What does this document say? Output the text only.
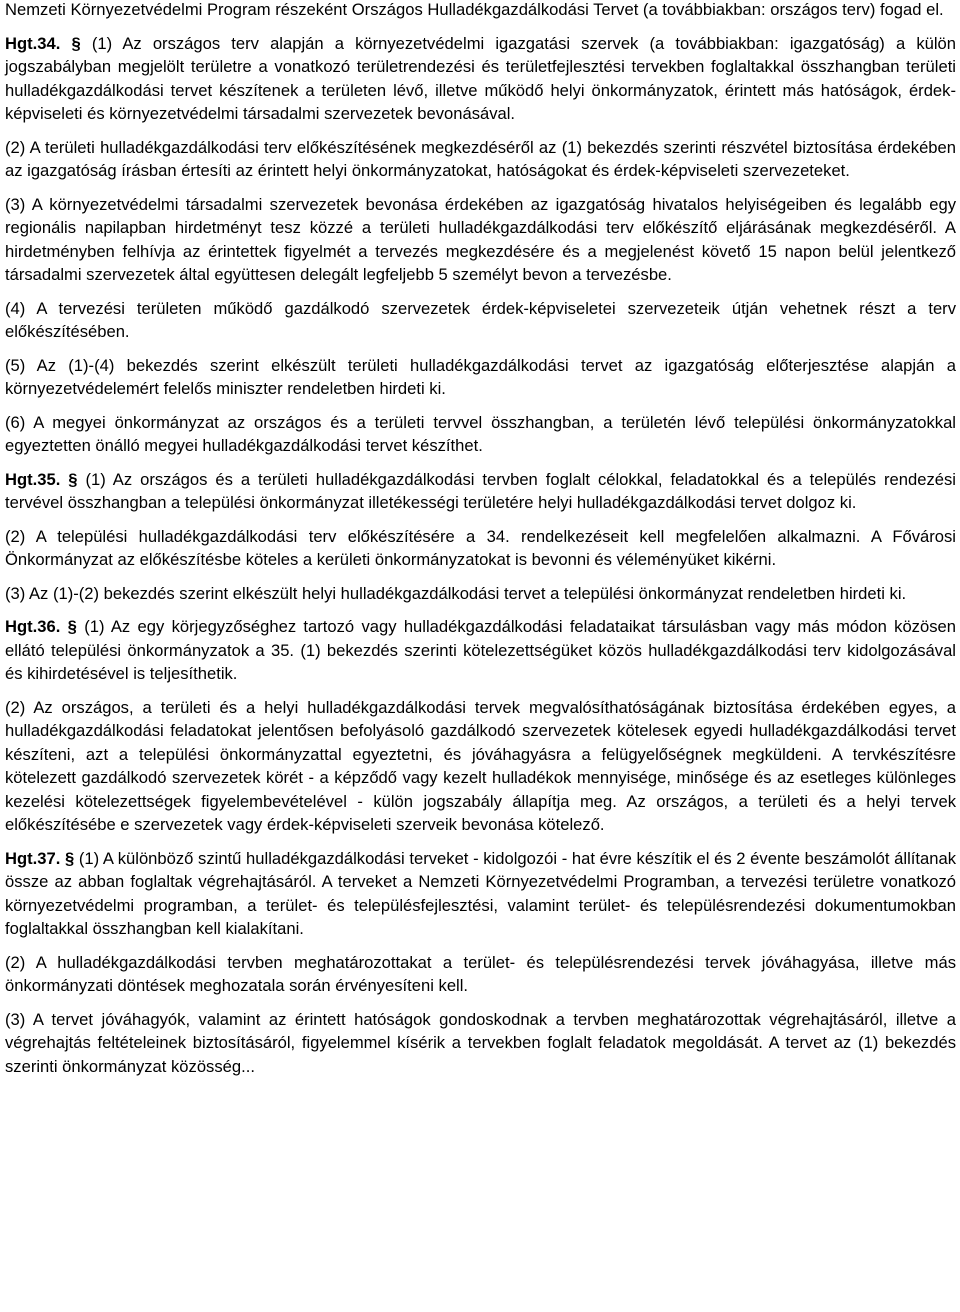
Nemzeti Környezetvédelmi Program részeként Országos Hulladékgazdálkodási Tervet (a továbbiakban: országos terv) fogad el.

Hgt.34. § (1) Az országos terv alapján a környezetvédelmi igazgatási szervek (a továbbiakban: igazgatóság) a külön jogszabályban megjelölt területre a vonatkozó területrendezési és területfejlesztési tervekben foglaltakkal összhangban területi hulladékgazdálkodási tervet készítenek a területen lévő, illetve működő helyi önkormányzatok, érintett más hatóságok, érdek-képviseleti és környezetvédelmi társadalmi szervezetek bevonásával.

(2) A területi hulladékgazdálkodási terv előkészítésének megkezdéséről az (1) bekezdés szerinti részvétel biztosítása érdekében az igazgatóság írásban értesíti az érintett helyi önkormányzatokat, hatóságokat és érdek-képviseleti szervezeteket.

(3) A környezetvédelmi társadalmi szervezetek bevonása érdekében az igazgatóság hivatalos helyiségeiben és legalább egy regionális napilapban hirdetményt tesz közzé a területi hulladékgazdálkodási terv előkészítő eljárásának megkezdéséről. A hirdetményben felhívja az érintettek figyelmét a tervezés megkezdésére és a megjelenést követő 15 napon belül jelentkező társadalmi szervezetek által együttesen delegált legfeljebb 5 személyt bevon a tervezésbe.

(4) A tervezési területen működő gazdálkodó szervezetek érdek-képviseletei szervezeteik útján vehetnek részt a terv előkészítésében.

(5) Az (1)-(4) bekezdés szerint elkészült területi hulladékgazdálkodási tervet az igazgatóság előterjesztése alapján a környezetvédelemért felelős miniszter rendeletben hirdeti ki.

(6) A megyei önkormányzat az országos és a területi tervvel összhangban, a területén lévő települési önkormányzatokkal egyeztetten önálló megyei hulladékgazdálkodási tervet készíthet.

Hgt.35. § (1) Az országos és a területi hulladékgazdálkodási tervben foglalt célokkal, feladatokkal és a település rendezési tervével összhangban a települési önkormányzat illetékességi területére helyi hulladékgazdálkodási tervet dolgoz ki.

(2) A települési hulladékgazdálkodási terv előkészítésére a 34. rendelkezéseit kell megfelelően alkalmazni. A Fővárosi Önkormányzat az előkészítésbe köteles a kerületi önkormányzatokat is bevonni és véleményüket kikérni.

(3) Az (1)-(2) bekezdés szerint elkészült helyi hulladékgazdálkodási tervet a települési önkormányzat rendeletben hirdeti ki.

Hgt.36. § (1) Az egy körjegyzőséghez tartozó vagy hulladékgazdálkodási feladataikat társulásban vagy más módon közösen ellátó települési önkormányzatok a 35. (1) bekezdés szerinti kötelezettségüket közös hulladékgazdálkodási terv kidolgozásával és kihirdetésével is teljesíthetik.

(2) Az országos, a területi és a helyi hulladékgazdálkodási tervek megvalósíthatóságának biztosítása érdekében egyes, a hulladékgazdálkodási feladatokat jelentősen befolyásoló gazdálkodó szervezetek kötelesek egyedi hulladékgazdálkodási tervet készíteni, azt a települési önkormányzattal egyeztetni, és jóváhagyásra a felügyelőségnek megküldeni. A tervkészítésre kötelezett gazdálkodó szervezetek körét - a képződő vagy kezelt hulladékok mennyisége, minősége és az esetleges különleges kezelési kötelezettségek figyelembevételével - külön jogszabály állapítja meg. Az országos, a területi és a helyi tervek előkészítésébe e szervezetek vagy érdek-képviseleti szerveik bevonása kötelező.

Hgt.37. § (1) A különböző szintű hulladékgazdálkodási terveket - kidolgozói - hat évre készítik el és 2 évente beszámolót állítanak össze az abban foglaltak végrehajtásáról. A terveket a Nemzeti Környezetvédelmi Programban, a tervezési területre vonatkozó környezetvédelmi programban, a terület- és településfejlesztési, valamint terület- és településrendezési dokumentumokban foglaltakkal összhangban kell kialakítani.

(2) A hulladékgazdálkodási tervben meghatározottakat a terület- és településrendezési tervek jóváhagyása, illetve más önkormányzati döntések meghozatala során érvényesíteni kell.

(3) A tervet jóváhagyók, valamint az érintett hatóságok gondoskodnak a tervben meghatározottak végrehajtásáról, illetve a végrehajtás feltételeinek biztosításáról, figyelemmel kísérik a tervekben foglalt feladatok megoldását. A tervet az (1) bekezdés szerinti önkormányzat közösség...
